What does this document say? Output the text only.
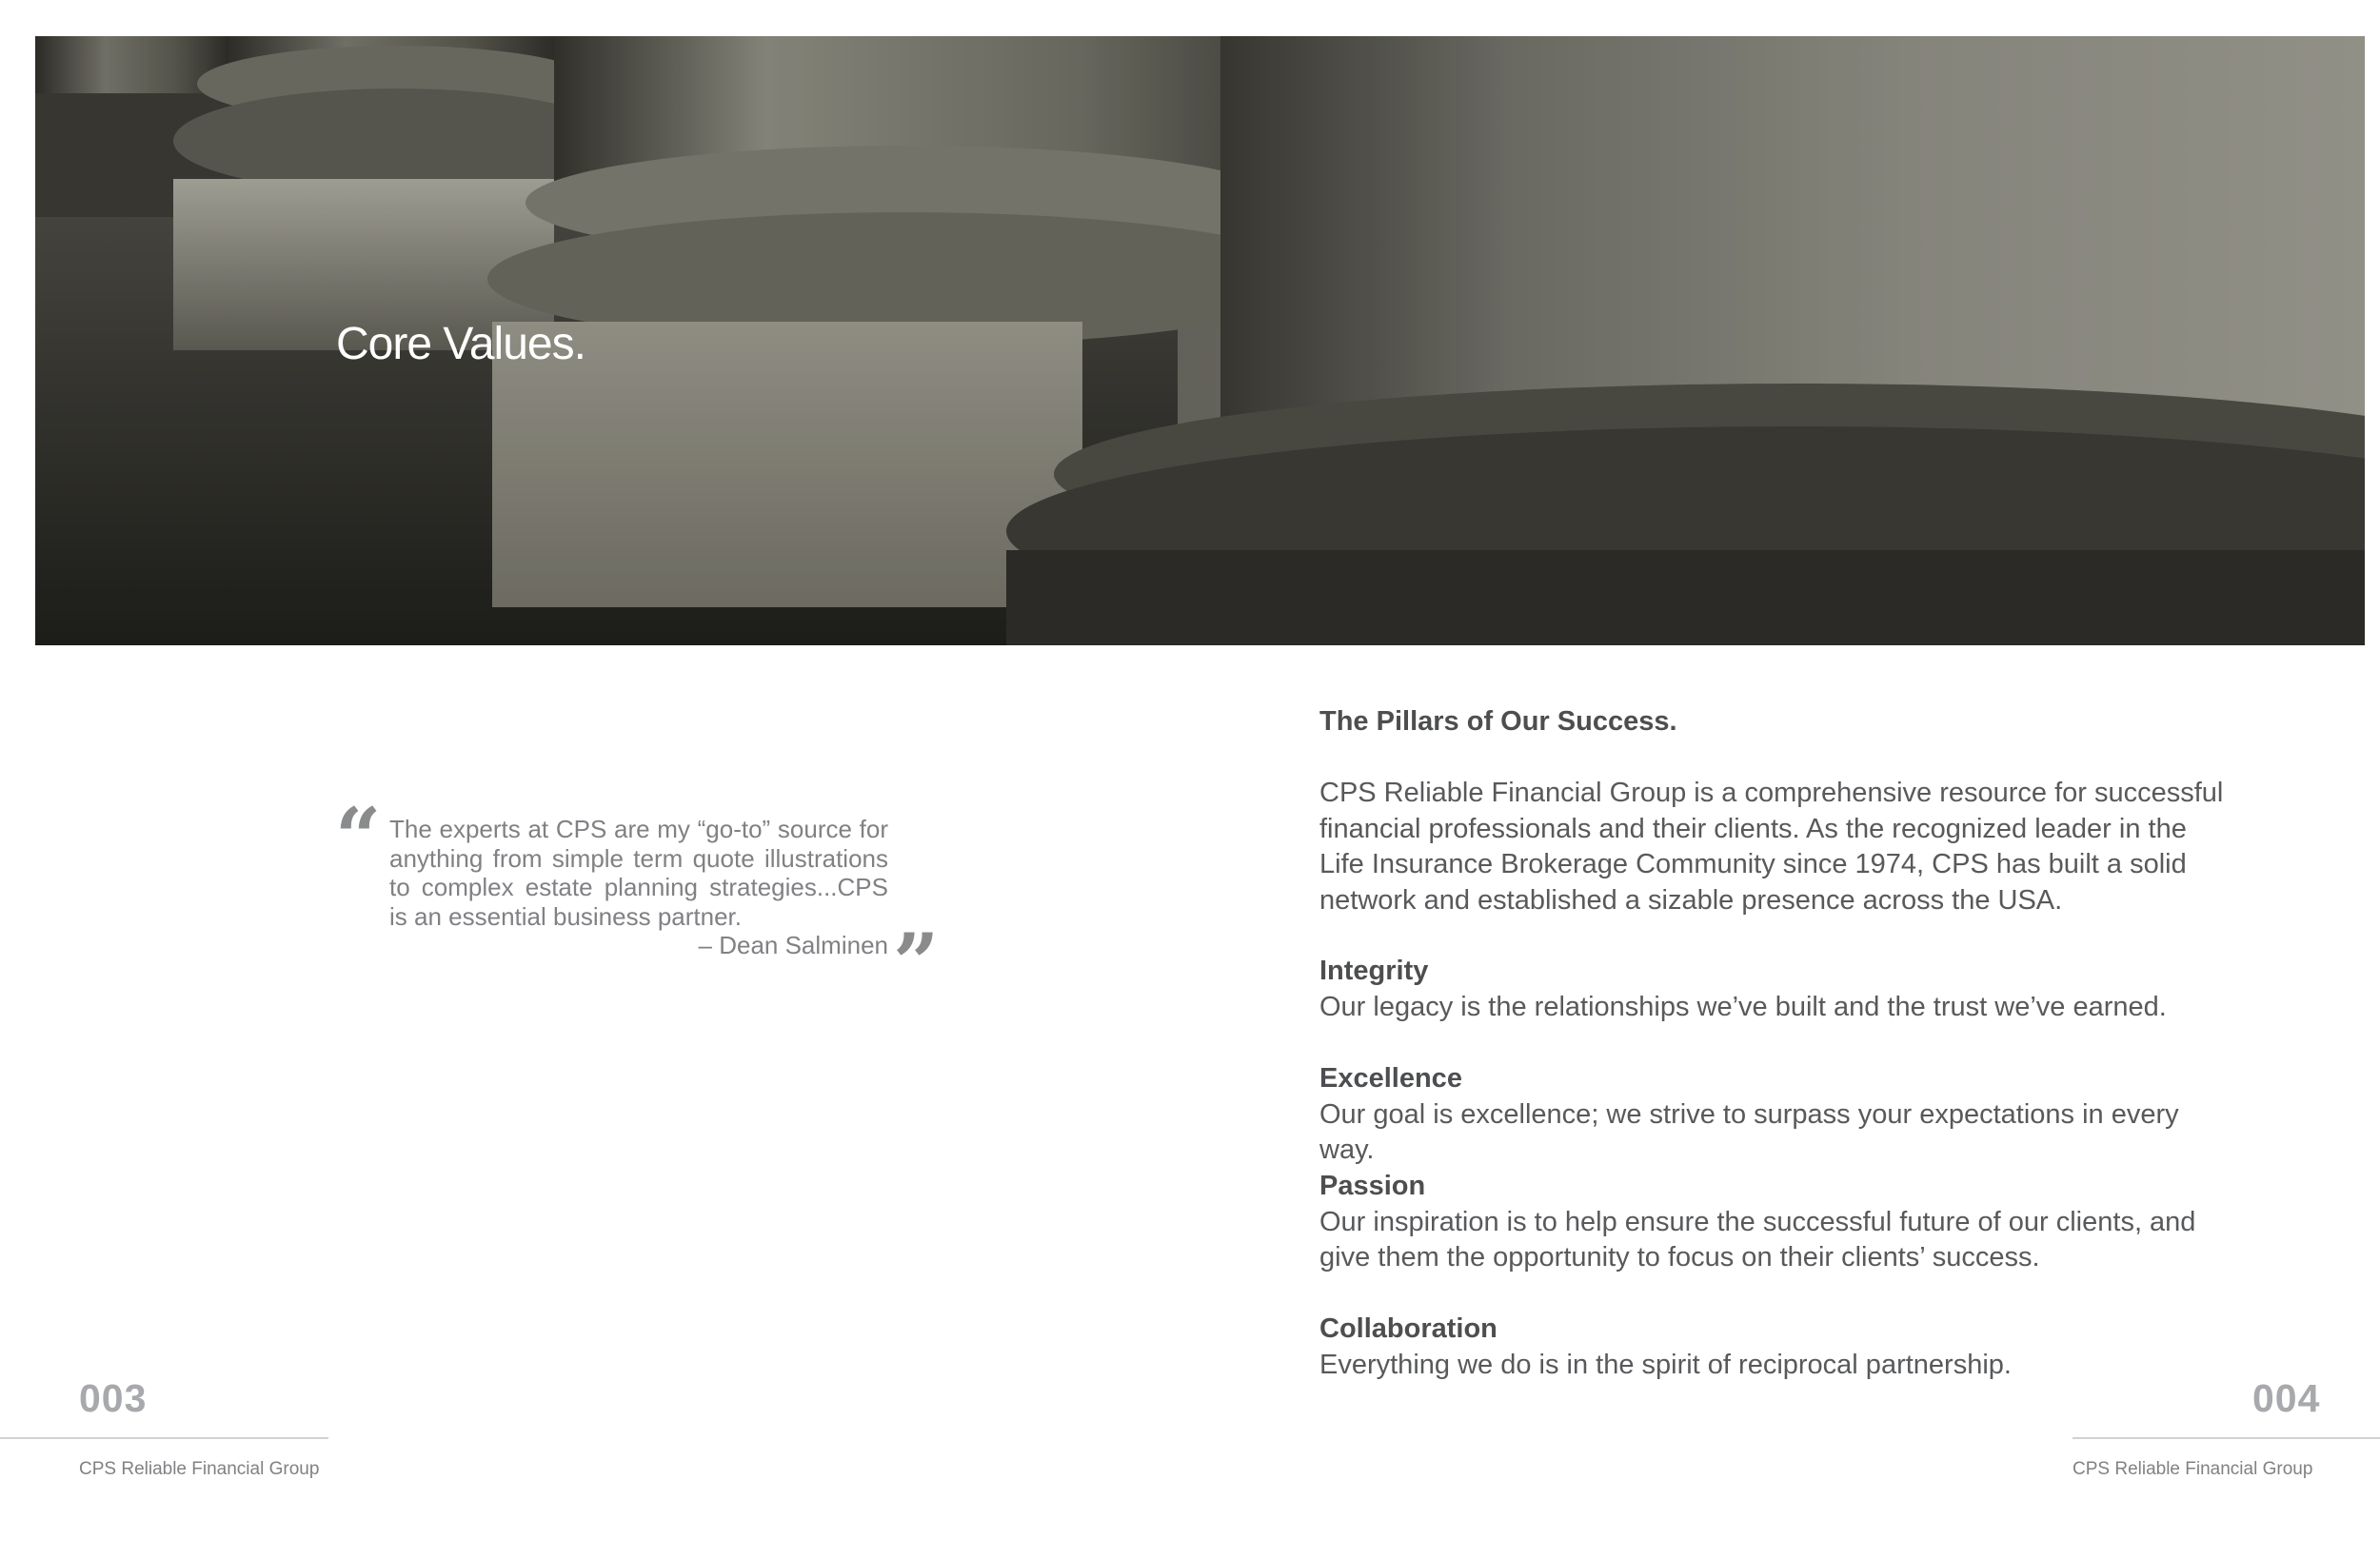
Core Values.
“ The experts at CPS are my “go-to” source for anything from simple term quote illustrations to complex estate planning strategies...CPS is an essential business partner.
– Dean Salminen ”
The Pillars of Our Success.

CPS Reliable Financial Group is a comprehensive resource for successful financial professionals and their clients. As the recognized leader in the Life Insurance Brokerage Community since 1974, CPS has built a solid network and established a sizable presence across the USA.

Integrity

Our legacy is the relationships we’ve built and the trust we’ve earned.

Excellence

Our goal is excellence; we strive to surpass your expectations in every way.

Passion

Our inspiration is to help ensure the successful future of our clients, and give them the opportunity to focus on their clients’ success.

Collaboration

Everything we do is in the spirit of reciprocal partnership.

003
CPS Reliable Financial Group
004
CPS Reliable Financial Group
